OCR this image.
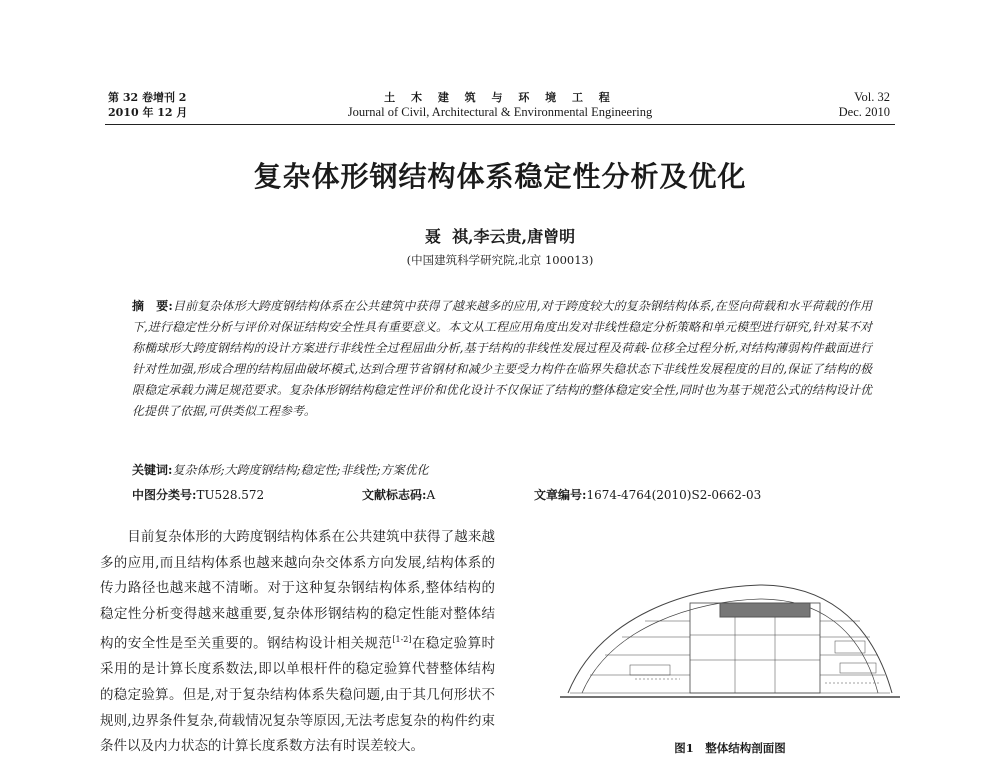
第 32 卷增刊 2
2010 年 12 月
土 木 建 筑 与 环 境 工 程
Journal of Civil, Architectural & Environmental Engineering
Vol. 32
Dec. 2010
复杂体形钢结构体系稳定性分析及优化
聂  祺,李云贵,唐曾明
(中国建筑科学研究院,北京 100013)
摘　要:目前复杂体形大跨度钢结构体系在公共建筑中获得了越来越多的应用,对于跨度较大的复杂钢结构体系,在竖向荷载和水平荷载的作用下,进行稳定性分析与评价对保证结构安全性具有重要意义。本文从工程应用角度出发对非线性稳定分析策略和单元模型进行研究,针对某不对称椭球形大跨度钢结构的设计方案进行非线性全过程屈曲分析,基于结构的非线性发展过程及荷载-位移全过程分析,对结构薄弱构件截面进行针对性加强,形成合理的结构屈曲破坏模式,达到合理节省钢材和减少主要受力构件在临界失稳状态下非线性发展程度的目的,保证了结构的极限稳定承载力满足规范要求。复杂体形钢结构稳定性评价和优化设计不仅保证了结构的整体稳定安全性,同时也为基于规范公式的结构设计优化提供了依据,可供类似工程参考。
关键词:复杂体形;大跨度钢结构;稳定性;非线性;方案优化
中图分类号:TU528.572	文献标志码:A	文章编号:1674-4764(2010)S2-0662-03
　　目前复杂体形的大跨度钢结构体系在公共建筑中获得了越来越多的应用,而且结构体系也越来越向杂交体系方向发展,结构体系的传力路径也越来越不清晰。对于这种复杂钢结构体系,整体结构的稳定性分析变得越来越重要,复杂体形钢结构的稳定性能对整体结构的安全性是至关重要的。钢结构设计相关规范[1-2]在稳定验算时采用的是计算长度系数法,即以单根杆件的稳定验算代替整体结构的稳定验算。但是,对于复杂结构体系失稳问题,由于其几何形状不规则,边界条件复杂,荷载情况复杂等原因,无法考虑复杂的构件约束条件以及内力状态的计算长度系数方法有时误差较大。	图1　整体结构剖面图
